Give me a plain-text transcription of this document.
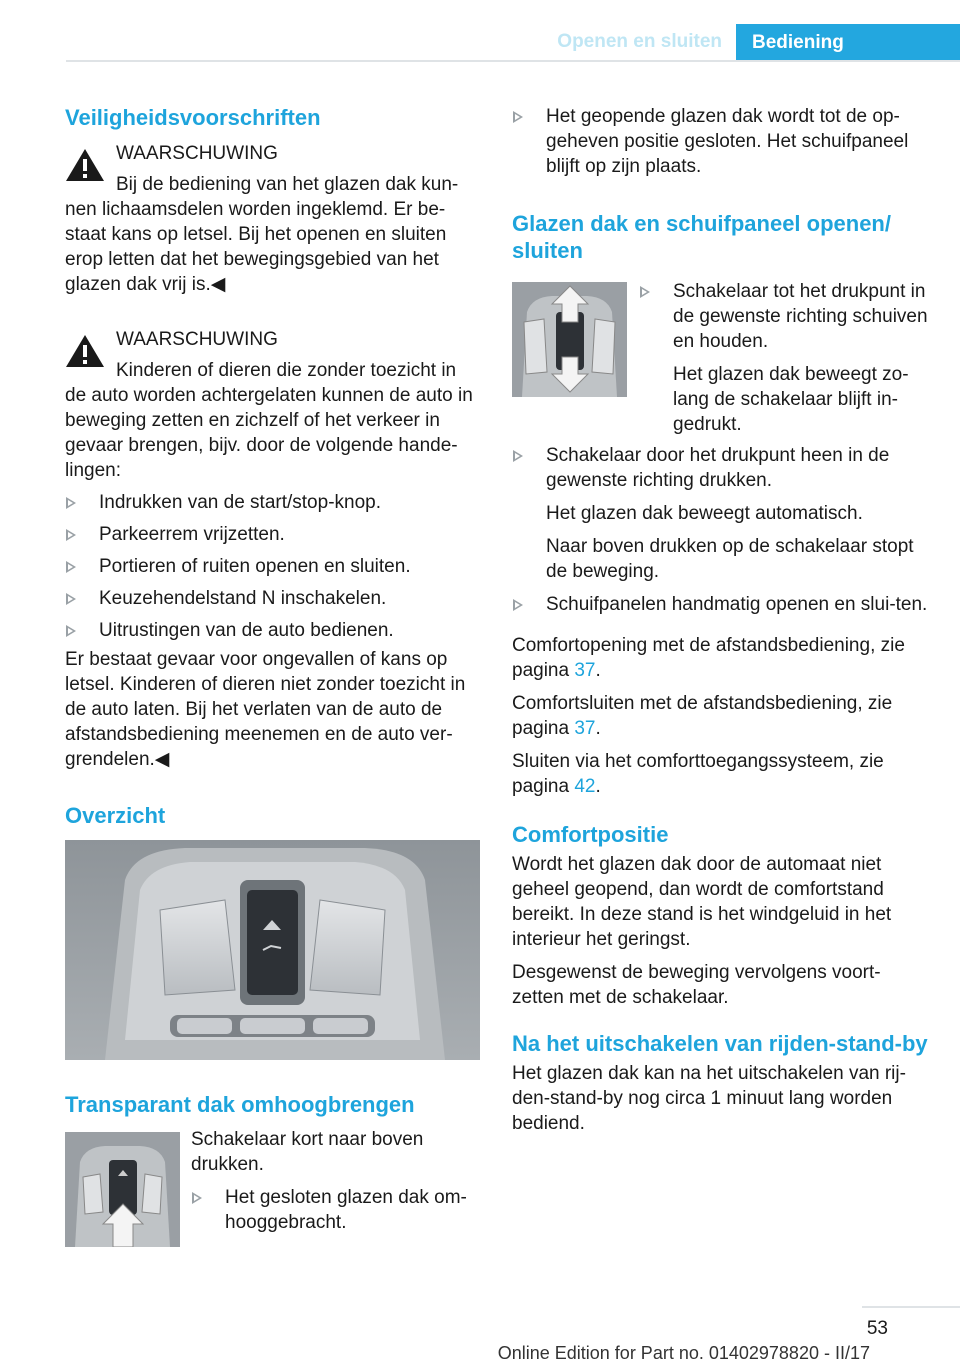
Openen en sluiten	Bediening
Veiligheidsvoorschriften

WAARSCHUWING

Bij de bediening van het glazen dak kun‐nen lichaamsdelen worden ingeklemd. Er be‐staat kans op letsel. Bij het openen en sluiten erop letten dat het bewegingsgebied van het glazen dak vrij is.◀

WAARSCHUWING

Kinderen of dieren die zonder toezicht in de auto worden achtergelaten kunnen de auto in beweging zetten en zichzelf of het verkeer in gevaar brengen, bijv. door de volgende hande‐lingen:

Indrukken van de start/stop-knop.
Parkeerrem vrijzetten.
Portieren of ruiten openen en sluiten.
Keuzehendelstand N inschakelen.
Uitrustingen van de auto bedienen.

Er bestaat gevaar voor ongevallen of kans op letsel. Kinderen of dieren niet zonder toezicht in de auto laten. Bij het verlaten van de auto de afstandsbediening meenemen en de auto ver‐grendelen.◀

Overzicht
Transparant dak omhoogbrengen

Schakelaar kort naar boven drukken.

Het gesloten glazen dak om‐hooggebracht.
Het geopende glazen dak wordt tot de op‐geheven positie gesloten. Het schuifpaneel blijft op zijn plaats.
Glazen dak en schuifpaneel openen/ sluiten
Schakelaar tot het drukpunt in de gewenste richting schuiven en houden.

Het glazen dak beweegt zo‐lang de schakelaar blijft in‐gedrukt.

Schakelaar door het drukpunt heen in de gewenste richting drukken.

Het glazen dak beweegt automatisch.

Naar boven drukken op de schakelaar stopt de beweging.

Schuifpanelen handmatig openen en slui‐ten.

Comfortopening met de afstandsbediening, zie pagina 37.

Comfortsluiten met de afstandsbediening, zie pagina 37.

Sluiten via het comforttoegangssysteem, zie pagina 42.

Comfortpositie

Wordt het glazen dak door de automaat niet geheel geopend, dan wordt de comfortstand bereikt. In deze stand is het windgeluid in het interieur het geringst.

Desgewenst de beweging vervolgens voort‐zetten met de schakelaar.

Na het uitschakelen van rijden-stand‐by

Het glazen dak kan na het uitschakelen van rij‐den-stand-by nog circa 1 minuut lang worden bediend.

53
Online Edition for Part no. 01402978820 - II/17
